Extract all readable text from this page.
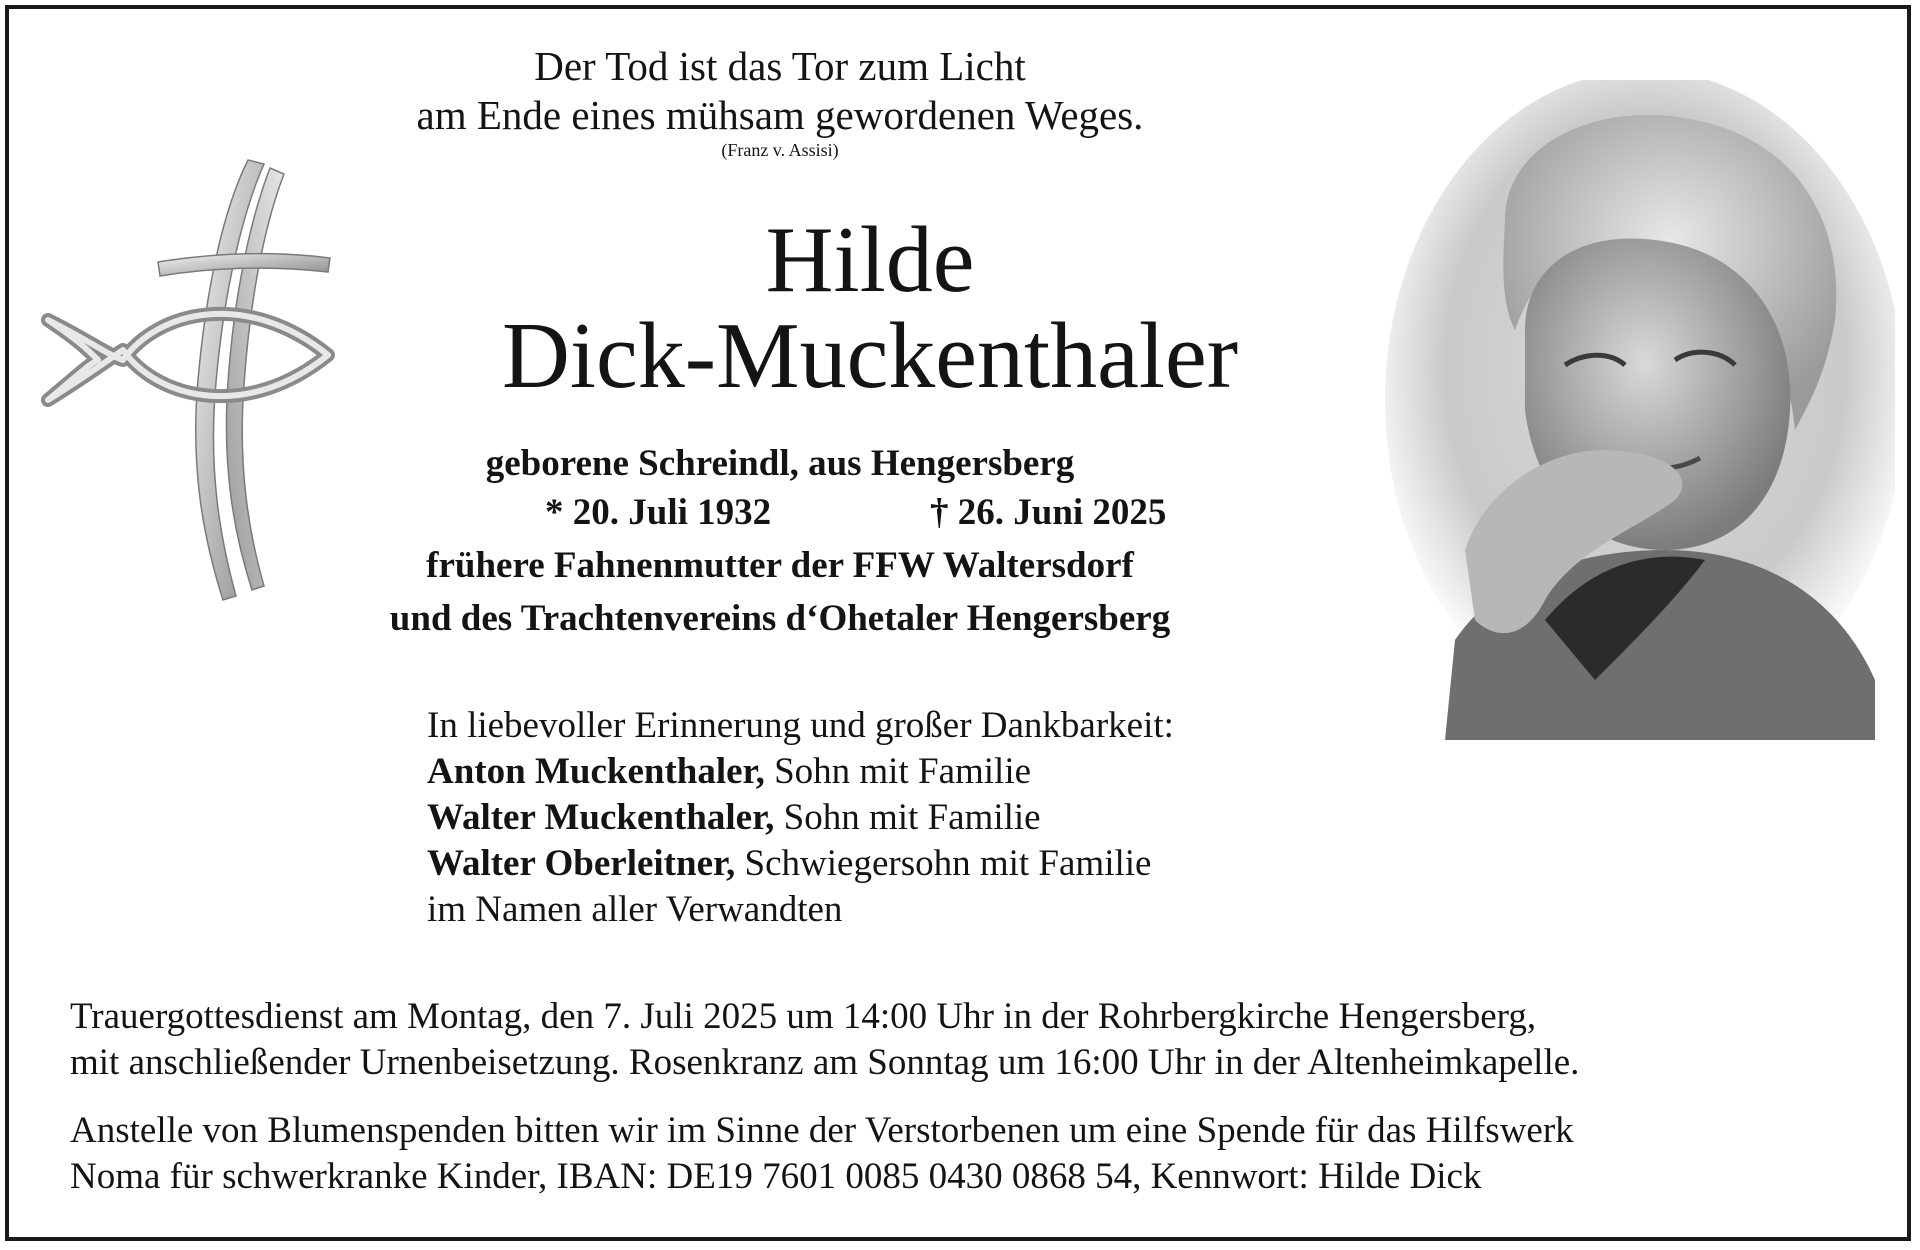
Der Tod ist das Tor zum Licht
am Ende eines mühsam gewordenen Weges.
(Franz v. Assisi)
Hilde
Dick-Muckenthaler
geborene Schreindl, aus Hengersberg
* 20. Juli 1932	† 26. Juni 2025
frühere Fahnenmutter der FFW Waltersdorf
und des Trachtenvereins d‘Ohetaler Hengersberg
In liebevoller Erinnerung und großer Dankbarkeit:
Anton Muckenthaler, Sohn mit Familie
Walter Muckenthaler, Sohn mit Familie
Walter Oberleitner, Schwiegersohn mit Familie
im Namen aller Verwandten
Trauergottesdienst am Montag, den 7. Juli 2025 um 14:00 Uhr in der Rohrbergkirche Hengersberg,
mit anschließender Urnenbeisetzung. Rosenkranz am Sonntag um 16:00 Uhr in der Altenheimkapelle.
Anstelle von Blumenspenden bitten wir im Sinne der Verstorbenen um eine Spende für das Hilfswerk
Noma für schwerkranke Kinder, IBAN: DE19 7601 0085 0430 0868 54, Kennwort: Hilde Dick
